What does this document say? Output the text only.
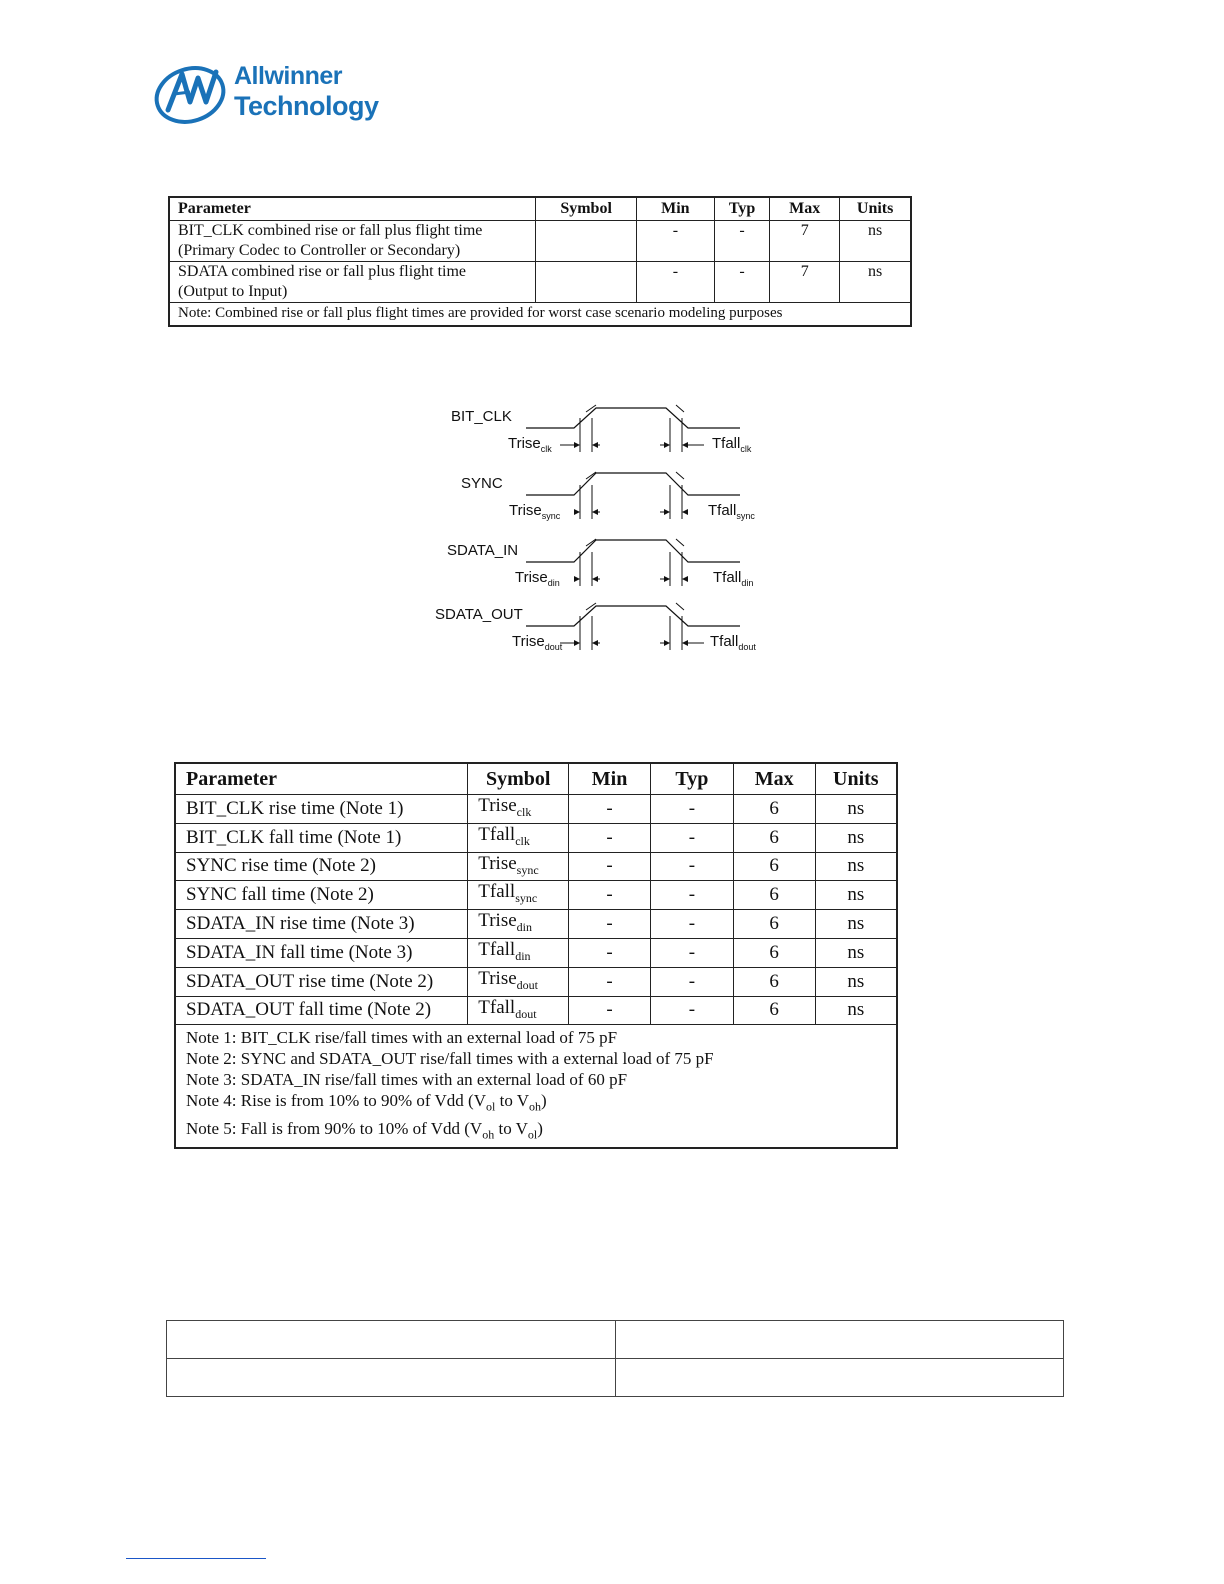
Allwinner
Technology
Parameter	Symbol	Min	Typ	Max	Units
BIT_CLK combined rise or fall plus flight time
(Primary Codec to Controller or Secondary)		-	-	7	ns
SDATA combined rise or fall plus flight time
(Output to Input)		-	-	7	ns
Note: Combined rise or fall plus flight times are provided for worst case scenario modeling purposes					
BIT_CLK
Trise$_{clk}$	Tfall$_{clk}$
SYNC
Trise$_{sync}$	Tfall$_{sync}$
SDATA_IN
Trise$_{din}$	Tfall$_{din}$
SDATA_OUT
Trise$_{dout}$	Tfall$_{dout}$
Parameter	Symbol	Min	Typ	Max	Units
BIT_CLK rise time (Note 1)	Trise$_{clk}$	-	-	6	ns
BIT_CLK fall time (Note 1)	Tfall$_{clk}$	-	-	6	ns
SYNC rise time (Note 2)	Trise$_{sync}$	-	-	6	ns
SYNC fall time (Note 2)	Tfall$_{sync}$	-	-	6	ns
SDATA_IN rise time (Note 3)	Trise$_{din}$	-	-	6	ns
SDATA_IN fall time (Note 3)	Tfall$_{din}$	-	-	6	ns
SDATA_OUT rise time (Note 2)	Trise$_{dout}$	-	-	6	ns
SDATA_OUT fall time (Note 2)	Tfall$_{dout}$	-	-	6	ns

Note 1: BIT_CLK rise/fall times with an external load of 75 pF
Note 2: SYNC and SDATA_OUT rise/fall times with a external load of 75 pF
Note 3: SDATA_IN rise/fall times with an external load of 60 pF
Note 4: Rise is from 10% to 90% of Vdd ($V_{ol}$ to $V_{oh}$)
Note 5: Fall is from 90% to 10% of Vdd ($V_{oh}$ to $V_{ol}$)					
